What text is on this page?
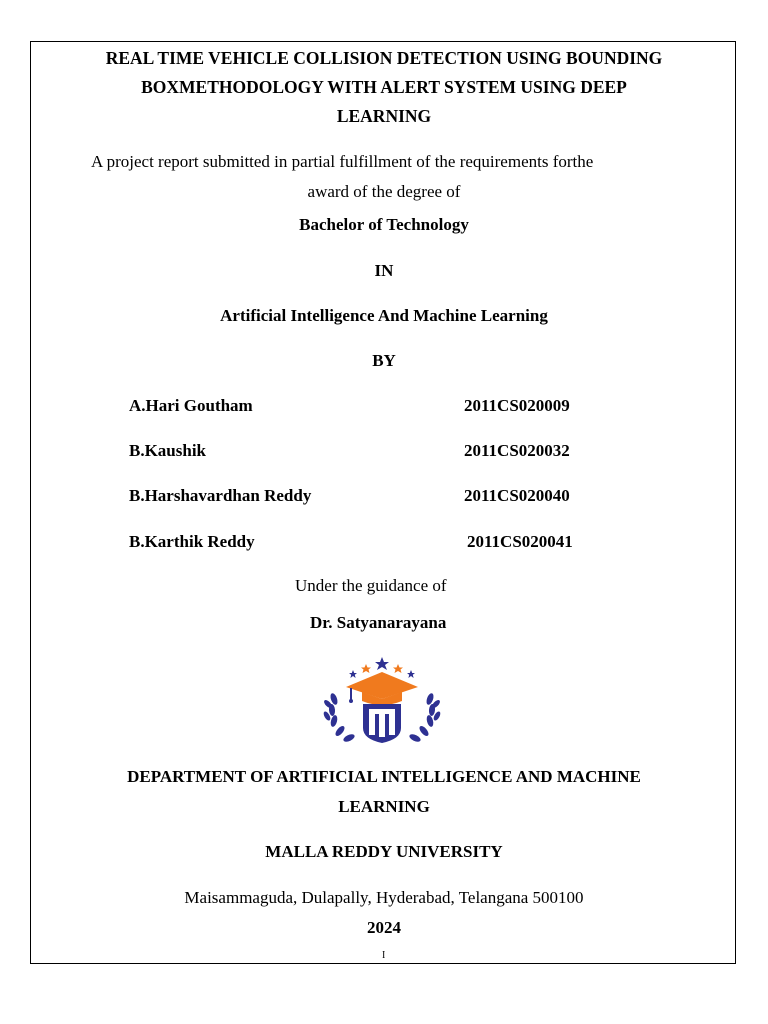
REAL TIME VEHICLE COLLISION DETECTION USING BOUNDING
BOXMETHODOLOGY WITH ALERT SYSTEM USING DEEP
LEARNING
A project report submitted in partial fulfillment of the requirements forthe
award of the degree of
Bachelor of Technology
IN
Artificial Intelligence And Machine Learning
BY
A.Hari Goutham	2011CS020009
B.Kaushik	2011CS020032
B.Harshavardhan Reddy	2011CS020040
B.Karthik Reddy	2011CS020041
Under the guidance of
Dr. Satyanarayana
DEPARTMENT OF ARTIFICIAL INTELLIGENCE AND MACHINE
LEARNING
MALLA REDDY UNIVERSITY
Maisammaguda, Dulapally, Hyderabad, Telangana 500100
2024
I
